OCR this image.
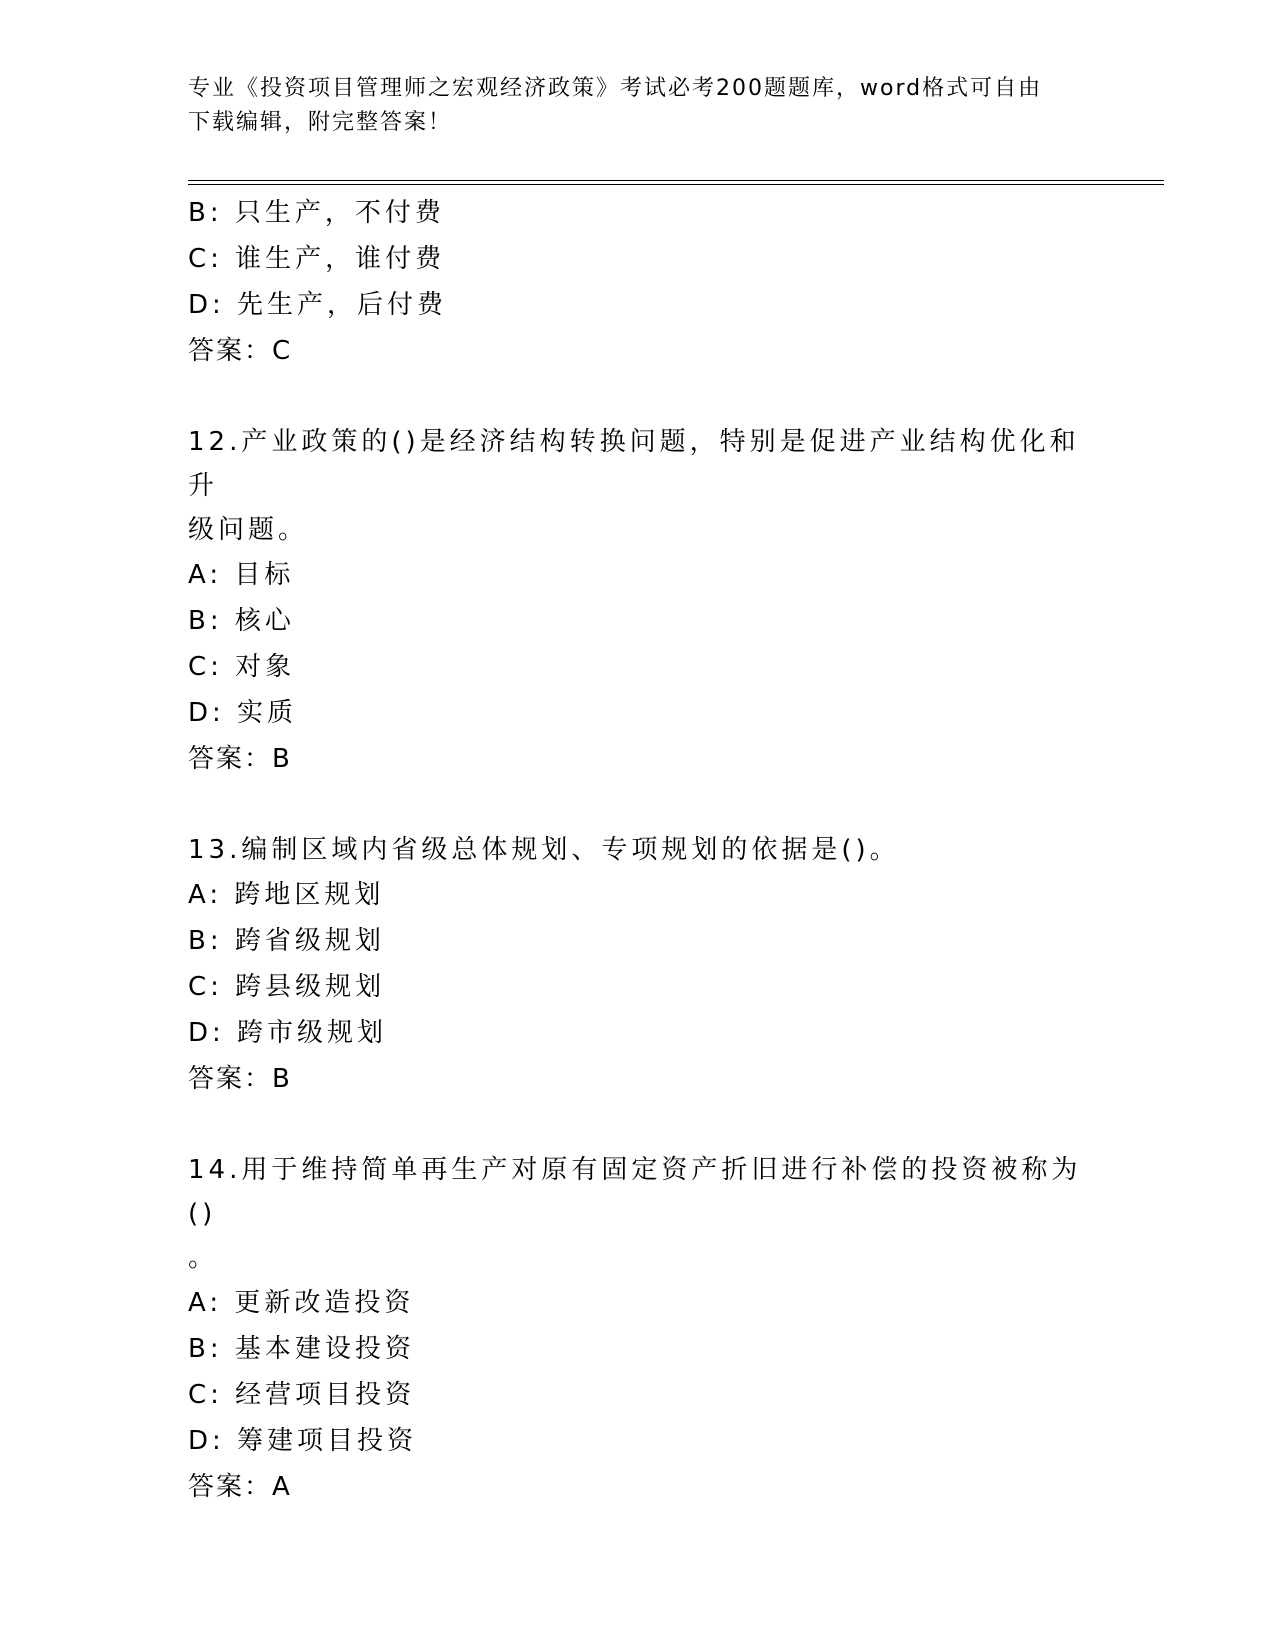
专业《投资项目管理师之宏观经济政策》考试必考200题题库，word格式可自由
下载编辑，附完整答案！
B: 只生产，不付费
C: 谁生产，谁付费
D: 先生产，后付费
答案：C
12.产业政策的()是经济结构转换问题，特别是促进产业结构优化和升
级问题。
A: 目标
B: 核心
C: 对象
D: 实质
答案：B
13.编制区域内省级总体规划、专项规划的依据是()。
A: 跨地区规划
B: 跨省级规划
C: 跨县级规划
D: 跨市级规划
答案：B
14.用于维持简单再生产对原有固定资产折旧进行补偿的投资被称为()
。
A: 更新改造投资
B: 基本建设投资
C: 经营项目投资
D: 筹建项目投资
答案：A
